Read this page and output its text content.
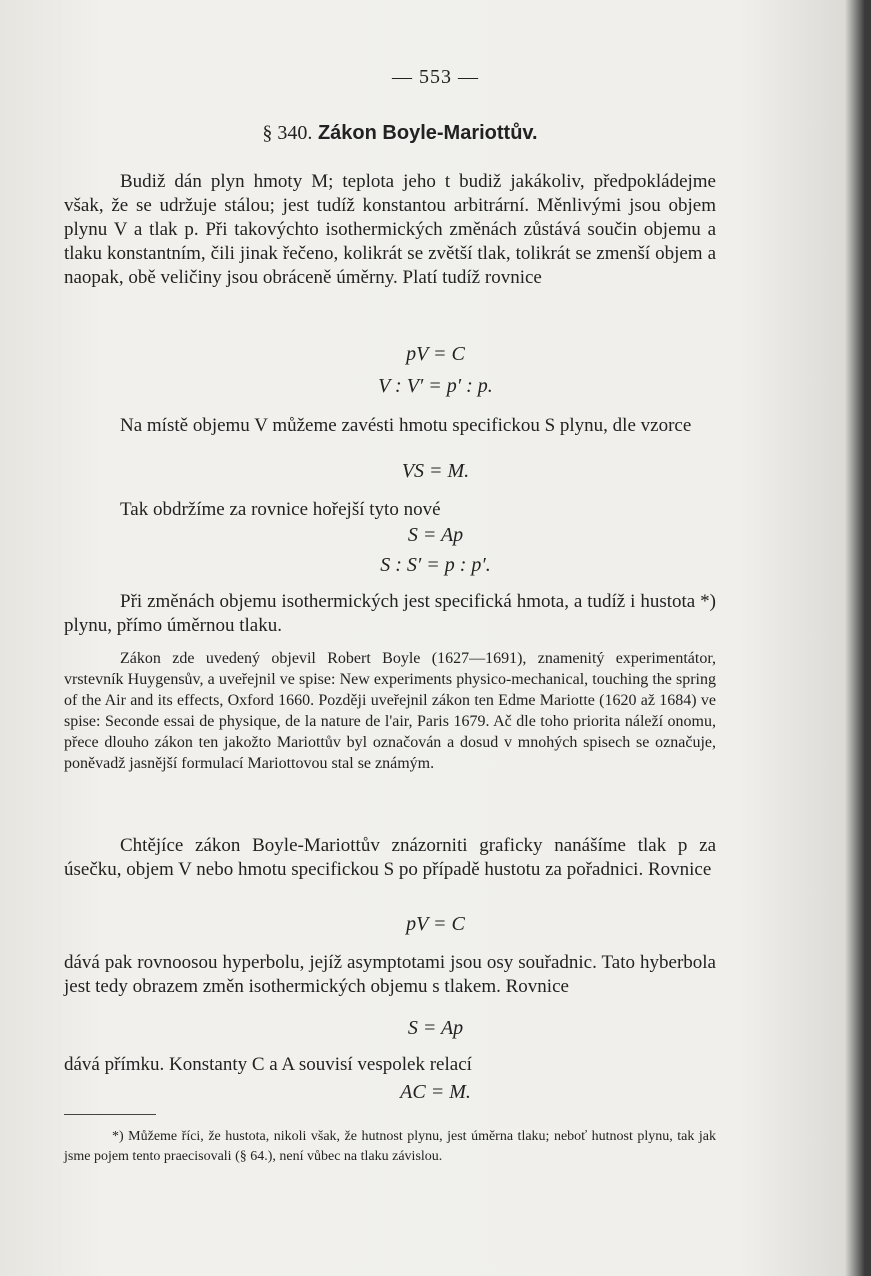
— 553 —
§ 340. Zákon Boyle-Mariottův.
Budiž dán plyn hmoty M; teplota jeho t budiž jakákoliv, předpokládejme však, že se udržuje stálou; jest tudíž konstantou arbitrární. Měnlivými jsou objem plynu V a tlak p. Při takovýchto isothermických změnách zůstává součin objemu a tlaku konstantním, čili jinak řečeno, kolikrát se zvětší tlak, tolikrát se zmenší objem a naopak, obě veličiny jsou obráceně úměrny. Platí tudíž rovnice
pV = C
V : V′ = p′ : p.
Na místě objemu V můžeme zavésti hmotu specifickou S plynu, dle vzorce
VS = M.
Tak obdržíme za rovnice hořejší tyto nové
S = Ap
S : S′ = p : p′.
Při změnách objemu isothermických jest specifická hmota, a tudíž i hustota *) plynu, přímo úměrnou tlaku.
Zákon zde uvedený objevil Robert Boyle (1627—1691), znamenitý experimentátor, vrstevník Huygensův, a uveřejnil ve spise: New experiments physico-mechanical, touching the spring of the Air and its effects, Oxford 1660. Později uveřejnil zákon ten Edme Mariotte (1620 až 1684) ve spise: Seconde essai de physique, de la nature de l'air, Paris 1679. Ač dle toho priorita náleží onomu, přece dlouho zákon ten jakožto Mariottův byl označován a dosud v mnohých spisech se označuje, poněvadž jasnější formulací Mariottovou stal se známým.
Chtějíce zákon Boyle-Mariottův znázorniti graficky nanášíme tlak p za úsečku, objem V nebo hmotu specifickou S po případě hustotu za pořadnici. Rovnice
pV = C
dává pak rovnoosou hyperbolu, jejíž asymptotami jsou osy souřadnic. Tato hyberbola jest tedy obrazem změn isothermických objemu s tlakem. Rovnice
S = Ap
dává přímku. Konstanty C a A souvisí vespolek relací
AC = M.
*) Můžeme říci, že hustota, nikoli však, že hutnost plynu, jest úměrna tlaku; neboť hutnost plynu, tak jak jsme pojem tento praecisovali (§ 64.), není vůbec na tlaku závislou.
